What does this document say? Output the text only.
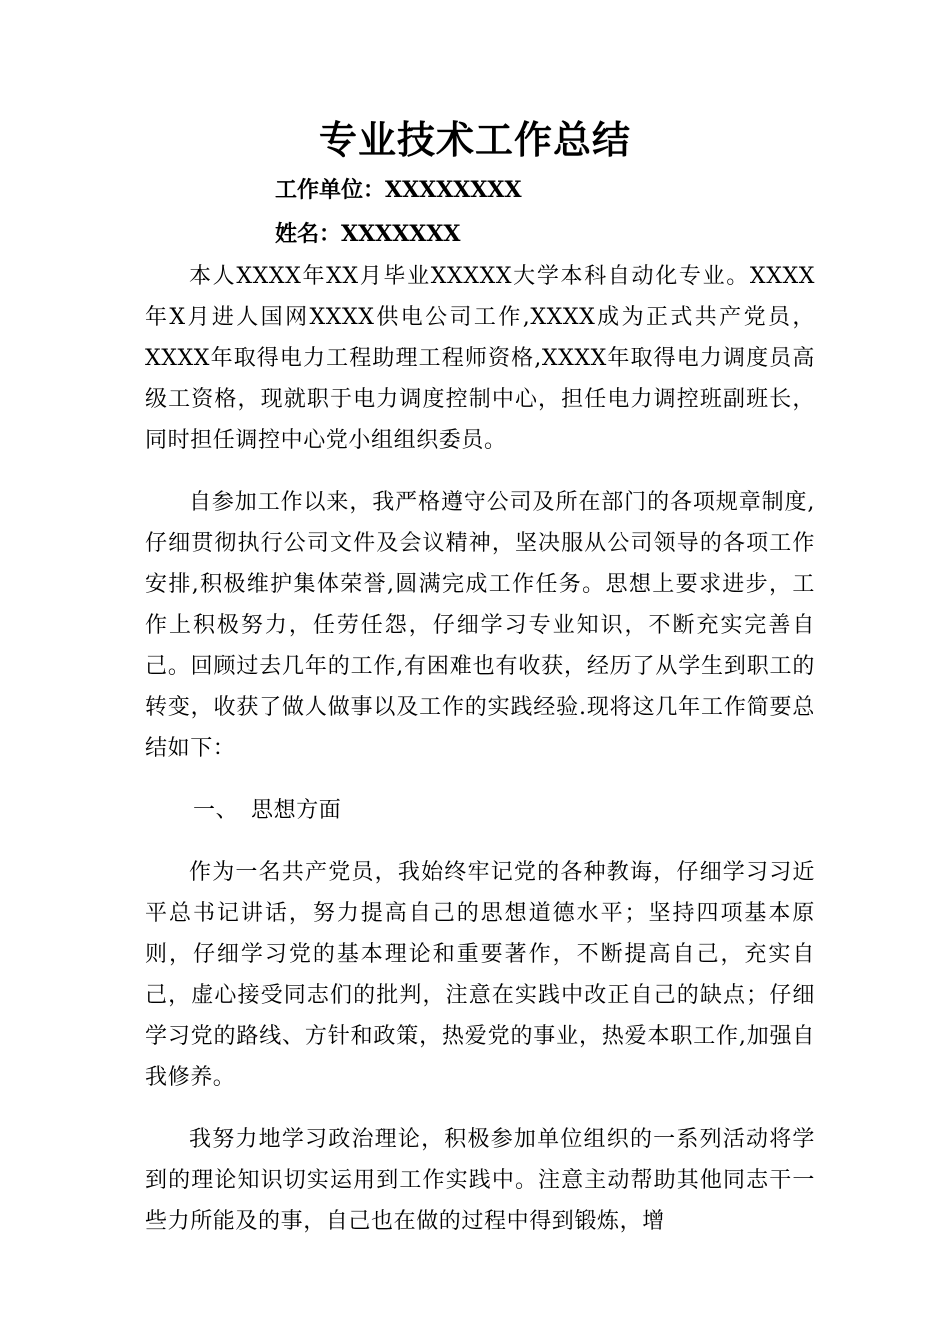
专业技术工作总结
工作单位：XXXXXXXX
姓名：XXXXXXX

本人XXXX年XX月毕业XXXXX大学本科自动化专业。XXXX年X月进人国网XXXX供电公司工作,XXXX成为正式共产党员，XXXX年取得电力工程助理工程师资格,XXXX年取得电力调度员高级工资格，现就职于电力调度控制中心，担任电力调控班副班长，同时担任调控中心党小组组织委员。

自参加工作以来，我严格遵守公司及所在部门的各项规章制度,仔细贯彻执行公司文件及会议精神，坚决服从公司领导的各项工作安排,积极维护集体荣誉,圆满完成工作任务。思想上要求进步，工作上积极努力，任劳任怨，仔细学习专业知识，不断充实完善自己。回顾过去几年的工作,有困难也有收获，经历了从学生到职工的转变，收获了做人做事以及工作的实践经验.现将这几年工作简要总结如下：

一、 思想方面

作为一名共产党员，我始终牢记党的各种教诲，仔细学习习近平总书记讲话，努力提高自己的思想道德水平；坚持四项基本原则，仔细学习党的基本理论和重要著作，不断提高自己，充实自己，虚心接受同志们的批判，注意在实践中改正自己的缺点；仔细学习党的路线、方针和政策，热爱党的事业，热爱本职工作,加强自我修养。

我努力地学习政治理论，积极参加单位组织的一系列活动将学到的理论知识切实运用到工作实践中。注意主动帮助其他同志干一些力所能及的事，自己也在做的过程中得到锻炼，增
